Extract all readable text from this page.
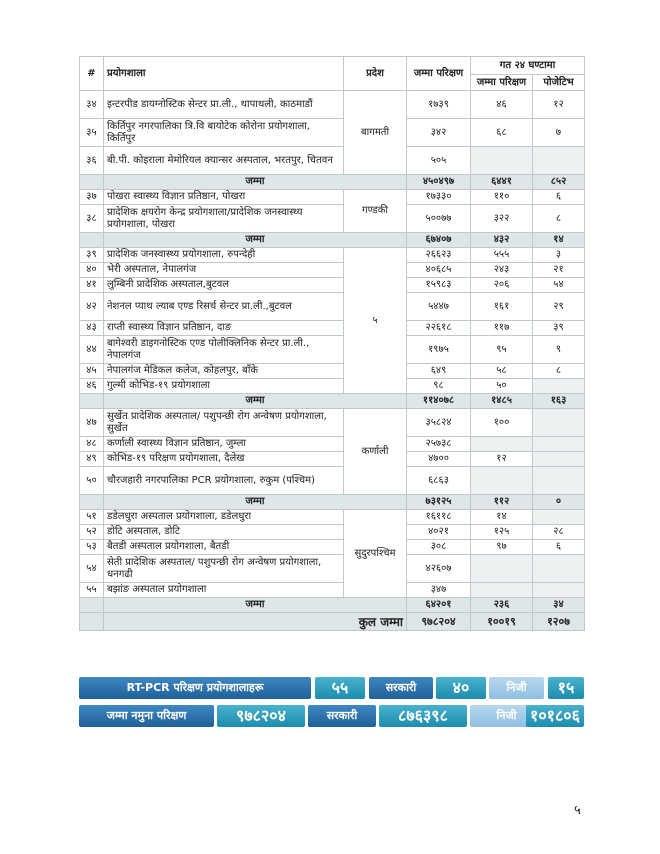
#	प्रयोगशाला	प्रदेश	जम्मा परिक्षण	गत २४ घण्टामा	
				जम्मा परिक्षण	पोजेटिभ
३४	इन्टरपीड डायग्नोस्टिक सेन्टर प्रा.ली., थापाथली, काठमाडौं	बागमती	१७३९	४६	१२
३५	किर्तिपुर नगरपालिका त्रि.वि बायोटेक कोरोना प्रयोगशाला, किर्तिपुर		३४२	६८	७
३६	बी.पी. कोइराला मेमोरियल क्यान्सर अस्पताल, भरतपुर, चितवन		५०५		
	जम्मा		४५०४९७	६४४१	८५२
३७	पोखरा स्वास्थ्य विज्ञान प्रतिष्ठान, पोखरा	गण्डकी	१७३३०	११०	६
३८	प्रादेशिक क्षयरोग केन्द्र प्रयोगशाला/प्रादेशिक जनस्वास्थ्य प्रयोगशाला, पोखरा		५००७७	३२२	८
	जम्मा		६७४०७	४३२	१४
३९	प्रादेशिक जनस्वास्थ्य प्रयोगशाला, रुपन्देही	५	२६६२३	५५५	३
४०	भेरी अस्पताल, नेपालगंज		४०६८५	२४३	२१
४१	लुम्बिनी प्रादेशिक अस्पताल,बुटवल		१५९८३	२०६	५४
४२	नेशनल प्याथ ल्याब एण्ड रिसर्च सेन्टर प्रा.ली.,बुटवल		५४४७	१६१	२९
४३	राप्ती स्वास्थ्य विज्ञान प्रतिष्ठान, दाङ		२२६१८	११७	३९
४४	बागेश्वरी डाइगनोस्टिक एण्ड पोलीक्लिनिक सेन्टर प्रा.ली., नेपालगंज		१९७५	९५	९
४५	नेपालगंज मेडिकल कलेज, कोहलपुर, बाँके		६४९	५८	८
४६	गुल्मी कोभिड-१९ प्रयोगशाला		९८	५०	
	जम्मा		११४०७८	१४८५	१६३
४७	सुर्खेत प्रादेशिक अस्पताल/ पशुपन्छी रोग अन्वेषण प्रयोगशाला, सुर्खेत	कर्णाली	३५८२४	१००	
४८	कर्णाली स्वास्थ्य विज्ञान प्रतिष्ठान, जुम्ला		२५७३८		
४९	कोभिड-१९ परिक्षण प्रयोगशाला, दैलेख		४७००	१२	
५०	चौरजहारी नगरपालिका PCR प्रयोगशाला, रुकुम (पश्चिम)		६८६३		
	जम्मा		७३१२५	११२	०
५१	डडेलधुरा अस्पताल प्रयोगशाला, डडेलधुरा	सुदुरपश्चिम	१६११८	१४	
५२	डोटि अस्पताल, डोटि		४०२१	१२५	२८
५३	बैतडी अस्पताल प्रयोगशाला, बैतडी		३०८	९७	६
५४	सेती प्रादेशिक अस्पताल/ पशुपन्छी रोग अन्वेषण प्रयोगशाला, धनगढी		४२६०७		
५५	बझांङ अस्पताल प्रयोगशाला		३४७		
	जम्मा		६४२०१	२३६	३४
	कुल जम्मा		९७८२०४	१००१९	१२०७
RT-PCR परिक्षण प्रयोगशालाहरू	५५	सरकारी	४०	निजी	१५
जम्मा नमुना परिक्षण	९७८२०४	सरकारी	८७६३९८	निजी १०१८०६
५
